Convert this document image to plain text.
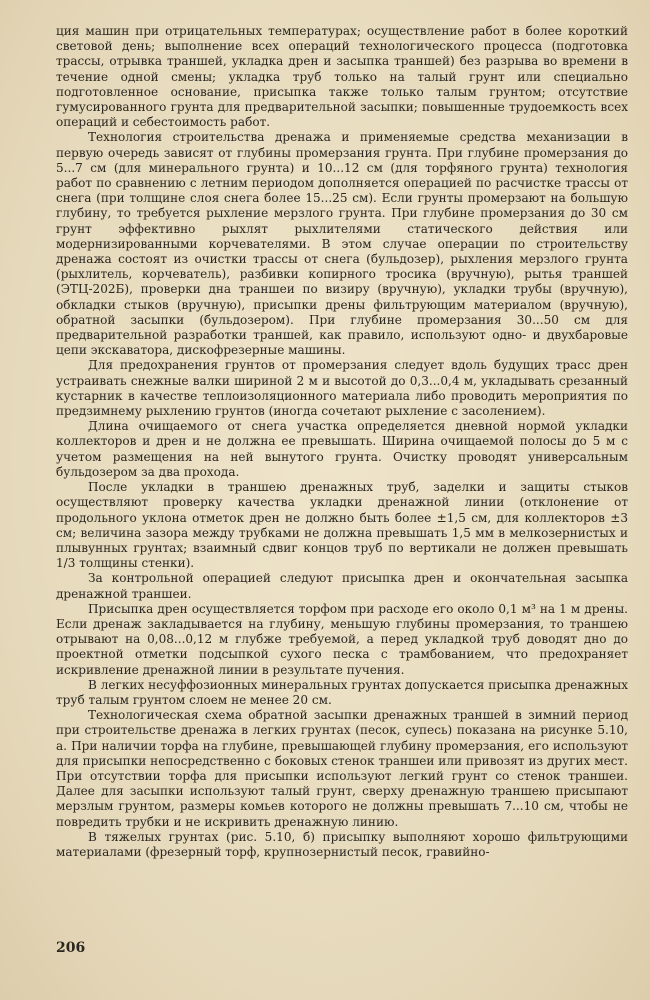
ция машин при отрицательных температурах; осуществление работ в более короткий световой день; выполнение всех операций технологического процесса (подготовка трассы, отрывка траншей, укладка дрен и засыпка траншей) без разрыва во времени в течение одной смены; укладка труб только на талый грунт или специально подготовленное основание, присыпка также только талым грунтом; отсутствие гумусированного грунта для предварительной засыпки; повышенные трудоемкость всех операций и себестоимость работ.

Технология строительства дренажа и применяемые средства механизации в первую очередь зависят от глубины промерзания грунта. При глубине промерзания до 5...7 см (для минерального грунта) и 10...12 см (для торфяного грунта) технология работ по сравнению с летним периодом дополняется операцией по расчистке трассы от снега (при толщине слоя снега более 15...25 см). Если грунты промерзают на большую глубину, то требуется рыхление мерзлого грунта. При глубине промерзания до 30 см грунт эффективно рыхлят рыхлителями статического действия или модернизированными корчевателями. В этом случае операции по строительству дренажа состоят из очистки трассы от снега (бульдозер), рыхления мерзлого грунта (рыхлитель, корчеватель), разбивки копирного тросика (вручную), рытья траншей (ЭТЦ-202Б), проверки дна траншеи по визиру (вручную), укладки трубы (вручную), обкладки стыков (вручную), присыпки дрены фильтрующим материалом (вручную), обратной засыпки (бульдозером). При глубине промерзания 30...50 см для предварительной разработки траншей, как правило, используют одно- и двухбаровые цепи экскаватора, дискофрезерные машины.

Для предохранения грунтов от промерзания следует вдоль будущих трасс дрен устраивать снежные валки шириной 2 м и высотой до 0,3...0,4 м, укладывать срезанный кустарник в качестве теплоизоляционного материала либо проводить мероприятия по предзимнему рыхлению грунтов (иногда сочетают рыхление с засолением).

Длина очищаемого от снега участка определяется дневной нормой укладки коллекторов и дрен и не должна ее превышать. Ширина очищаемой полосы до 5 м с учетом размещения на ней вынутого грунта. Очистку проводят универсальным бульдозером за два прохода.

После укладки в траншею дренажных труб, заделки и защиты стыков осуществляют проверку качества укладки дренажной линии (отклонение от продольного уклона отметок дрен не должно быть более ±1,5 см, для коллекторов ±3 см; величина зазора между трубками не должна превышать 1,5 мм в мелкозернистых и плывунных грунтах; взаимный сдвиг концов труб по вертикали не должен превышать 1/3 толщины стенки).

За контрольной операцией следуют присыпка дрен и окончательная засыпка дренажной траншеи.

Присыпка дрен осуществляется торфом при расходе его около 0,1 м³ на 1 м дрены. Если дренаж закладывается на глубину, меньшую глубины промерзания, то траншею отрывают на 0,08...0,12 м глубже требуемой, а перед укладкой труб доводят дно до проектной отметки подсыпкой сухого песка с трамбованием, что предохраняет искривление дренажной линии в результате пучения.

В легких несуффозионных минеральных грунтах допускается присыпка дренажных труб талым грунтом слоем не менее 20 см.

Технологическая схема обратной засыпки дренажных траншей в зимний период при строительстве дренажа в легких грунтах (песок, супесь) показана на рисунке 5.10, а. При наличии торфа на глубине, превышающей глубину промерзания, его используют для присыпки непосредственно с боковых стенок траншеи или привозят из других мест. При отсутствии торфа для присыпки используют легкий грунт со стенок траншеи. Далее для засыпки используют талый грунт, сверху дренажную траншею присыпают мерзлым грунтом, размеры комьев которого не должны превышать 7...10 см, чтобы не повредить трубки и не искривить дренажную линию.

В тяжелых грунтах (рис. 5.10, б) присыпку выполняют хорошо фильтрующими материалами (фрезерный торф, крупнозернистый песок, гравийно-

206
